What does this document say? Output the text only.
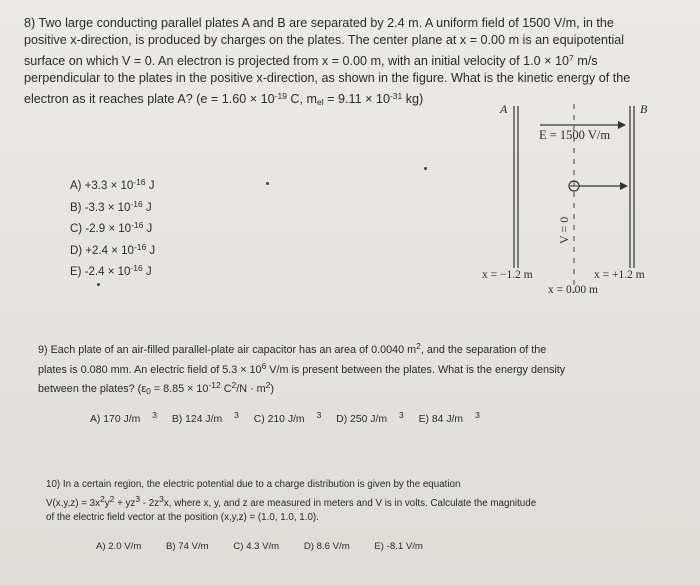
8) Two large conducting parallel plates A and B are separated by 2.4 m. A uniform field of 1500 V/m, in the
positive x-direction, is produced by charges on the plates. The center plane at x = 0.00 m is an equipotential
surface on which V = 0. An electron is projected from x = 0.00 m, with an initial velocity of $1.0 \times 10^7$ m/s
perpendicular to the plates in the positive x-direction, as shown in the figure. What is the kinetic energy of the
electron as it reaches plate A? ($e = 1.60 \times 10^{-19}$ C, $m_{el} = 9.11 \times 10^{-31}$ kg)
$A) +3.3 \times 10^{-16}$ J
B) $-3.3 \times 10^{-16}$ J
C) $-2.9 \times 10^{-16}$ J
$D) +2.4 \times 10^{-16}$ J
E) $-2.4 \times 10^{-16}$ J
A	B
E = 1500 V/m
V = 0
x = −1.2 m	x = +1.2 m
x = 0.00 m
9) Each plate of an air-filled parallel-plate air capacitor has an area of 0.0040 $m^2$, and the separation of the
plates is 0.080 mm. An electric field of $5.3 \times 10^6$ V/m is present between the plates. What is the energy density
between the plates? ($\varepsilon_0 = 8.85 \times 10^{-12}$ $C^2/N \cdot m^2$)
A) 170 J/m $^3$ B) 124 J/m $^3$ C) 210 J/m $^3$ D) 250 J/m $^3$ E) 84 J/m $^3$
10) In a certain region, the electric potential due to a charge distribution is given by the equation
$V(x,y,z) = 3x^2y^2 + yz^3 - 2z^3x$, where x, y, and z are measured in meters and V is in volts. Calculate the magnitude
of the electric field vector at the position (x,y,z) = (1.0, 1.0, 1.0).
A) 2.0 V/m	B) 74 V/m	C) 4.3 V/m	D) 8.6 V/m	E) -8.1 V/m
